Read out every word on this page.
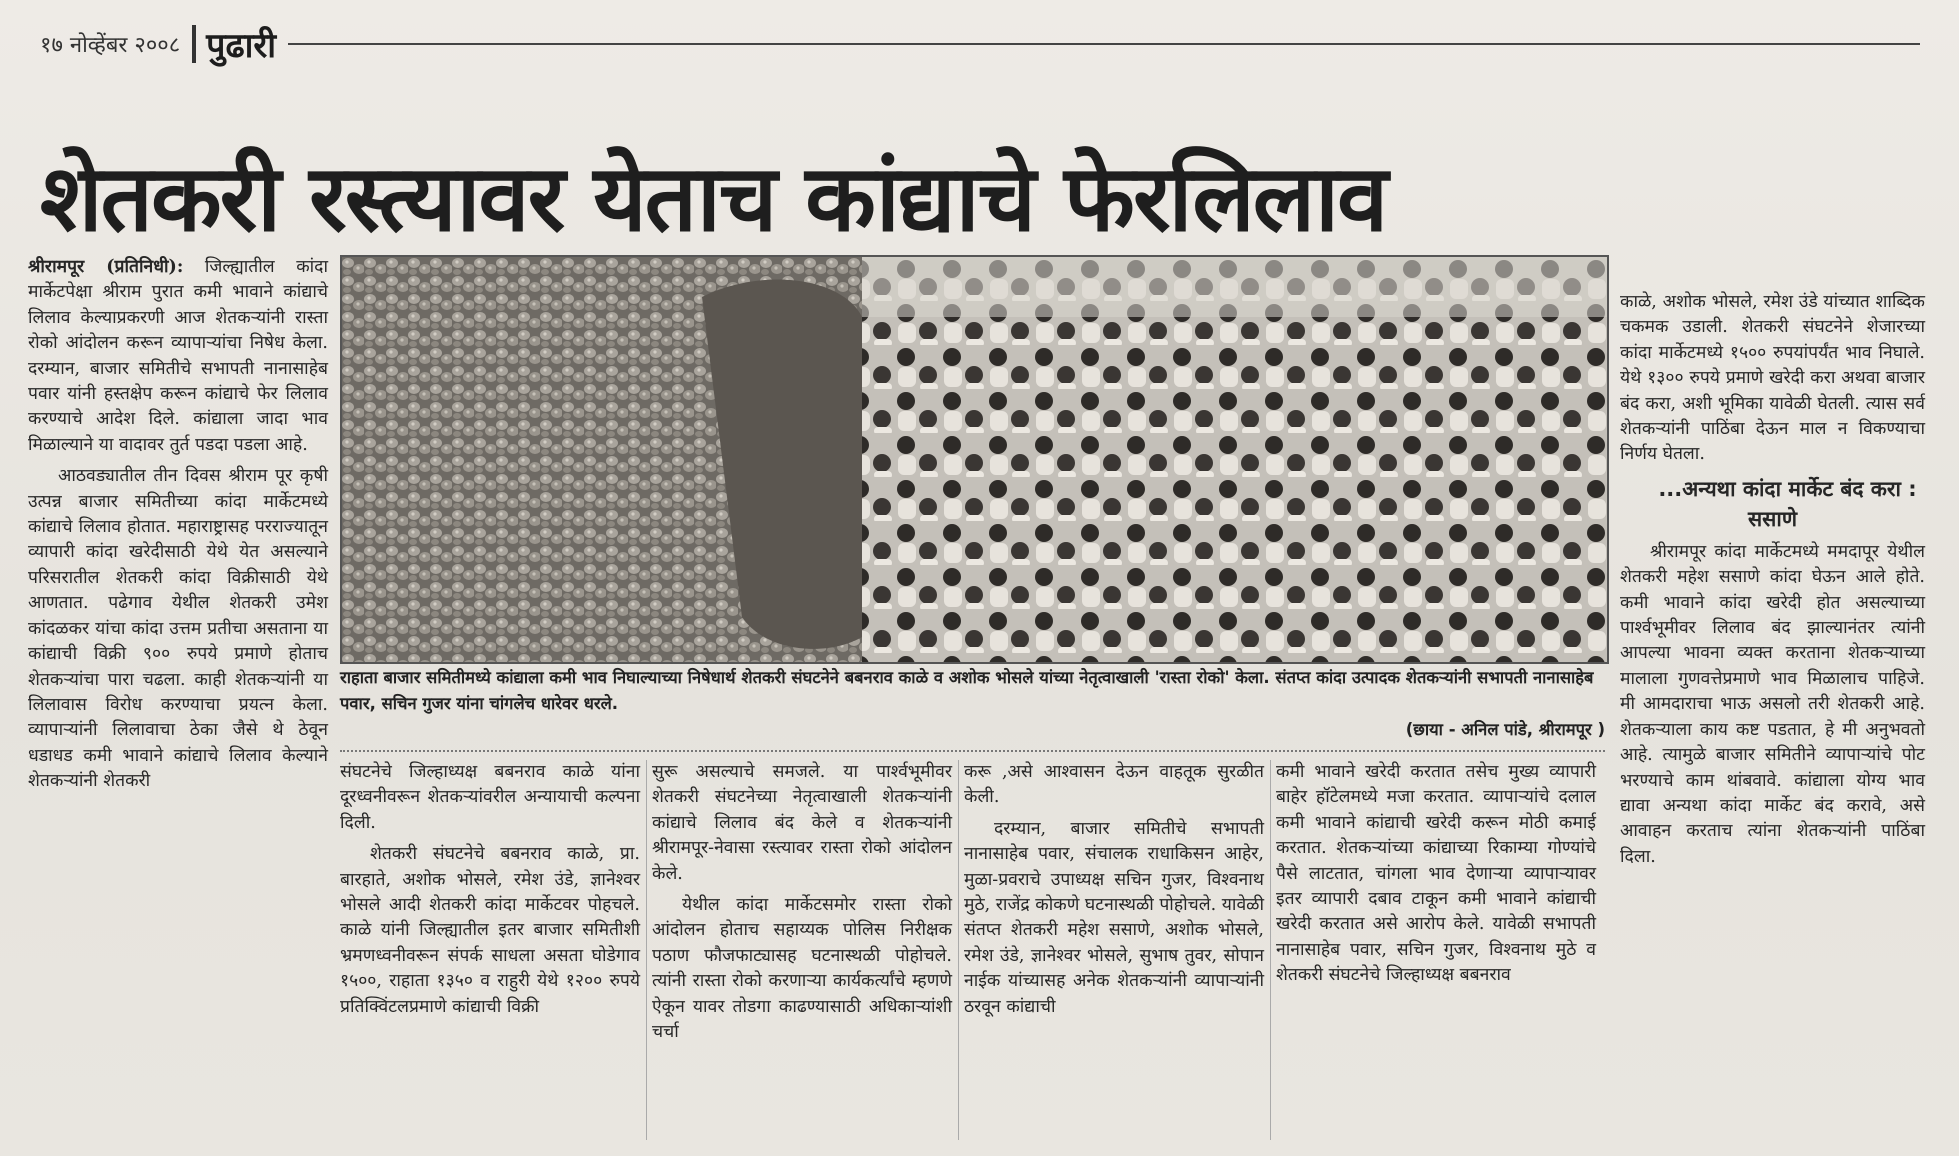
१७ नोव्हेंबर २००८ पुढारी
शेतकरी रस्त्यावर येताच कांद्याचे फेरलिलाव

श्रीरामपूर (प्रतिनिधी): जिल्ह्यातील कांदा मार्केटपेक्षा श्रीराम पुरात कमी भावाने कांद्याचे लिलाव केल्याप्रकरणी आज शेतकऱ्यांनी रास्ता रोको आंदोलन करून व्यापाऱ्यांचा निषेध केला. दरम्यान, बाजार समितीचे सभापती नानासाहेब पवार यांनी हस्तक्षेप करून कांद्याचे फेर लिलाव करण्याचे आदेश दिले. कांद्याला जादा भाव मिळाल्याने या वादावर तुर्त पडदा पडला आहे.

आठवड्यातील तीन दिवस श्रीराम पूर कृषी उत्पन्न बाजार समितीच्या कांदा मार्केटमध्ये कांद्याचे लिलाव होतात. महाराष्ट्रासह परराज्यातून व्यापारी कांदा खरेदीसाठी येथे येत असल्याने परिसरातील शेतकरी कांदा विक्रीसाठी येथे आणतात. पढेगाव येथील शेतकरी उमेश कांदळकर यांचा कांदा उत्तम प्रतीचा असताना या कांद्याची विक्री ९०० रुपये प्रमाणे होताच शेतकऱ्यांचा पारा चढला. काही शेतकऱ्यांनी या लिलावास विरोध करण्याचा प्रयत्न केला. व्यापाऱ्यांनी लिलावाचा ठेका जैसे थे ठेवून धडाधड कमी भावाने कांद्याचे लिलाव केल्याने शेतकऱ्यांनी शेतकरी

राहाता बाजार समितीमध्ये कांद्याला कमी भाव निघाल्याच्या निषेधार्थ शेतकरी संघटनेने बबनराव काळे व अशोक भोसले यांच्या नेतृत्वाखाली 'रास्ता रोको' केला. संतप्त कांदा उत्पादक शेतकऱ्यांनी सभापती नानासाहेब पवार, सचिन गुजर यांना चांगलेच धारेवर धरले.
(छाया - अनिल पांडे, श्रीरामपूर )

संघटनेचे जिल्हाध्यक्ष बबनराव काळे यांना दूरध्वनीवरून शेतकऱ्यांवरील अन्यायाची कल्पना दिली.

शेतकरी संघटनेचे बबनराव काळे, प्रा. बारहाते, अशोक भोसले, रमेश उंडे, ज्ञानेश्वर भोसले आदी शेतकरी कांदा मार्केटवर पोहचले. काळे यांनी जिल्ह्यातील इतर बाजार समितीशी भ्रमणध्वनीवरून संपर्क साधला असता घोडेगाव १५००, राहाता १३५० व राहुरी येथे १२०० रुपये प्रतिक्विंटलप्रमाणे कांद्याची विक्री

सुरू असल्याचे समजले. या पार्श्वभूमीवर शेतकरी संघटनेच्या नेतृत्वाखाली शेतकऱ्यांनी कांद्याचे लिलाव बंद केले व शेतकऱ्यांनी श्रीरामपूर-नेवासा रस्त्यावर रास्ता रोको आंदोलन केले.

येथील कांदा मार्केटसमोर रास्ता रोको आंदोलन होताच सहाय्यक पोलिस निरीक्षक पठाण फौजफाट्यासह घटनास्थळी पोहोचले. त्यांनी रास्ता रोको करणाऱ्या कार्यकर्त्यांचे म्हणणे ऐकून यावर तोडगा काढण्यासाठी अधिकाऱ्यांशी चर्चा

करू ,असे आश्वासन देऊन वाहतूक सुरळीत केली.

दरम्यान, बाजार समितीचे सभापती नानासाहेब पवार, संचालक राधाकिसन आहेर, मुळा-प्रवराचे उपाध्यक्ष सचिन गुजर, विश्वनाथ मुठे, राजेंद्र कोकणे घटनास्थळी पोहोचले. यावेळी संतप्त शेतकरी महेश ससाणे, अशोक भोसले, रमेश उंडे, ज्ञानेश्वर भोसले, सुभाष तुवर, सोपान नाईक यांच्यासह अनेक शेतकऱ्यांनी व्यापाऱ्यांनी ठरवून कांद्याची

कमी भावाने खरेदी करतात तसेच मुख्य व्यापारी बाहेर हॉटेलमध्ये मजा करतात. व्यापाऱ्यांचे दलाल कमी भावाने कांद्याची खरेदी करून मोठी कमाई करतात. शेतकऱ्यांच्या कांद्याच्या रिकाम्या गोण्यांचे पैसे लाटतात, चांगला भाव देणाऱ्या व्यापाऱ्यावर इतर व्यापारी दबाव टाकून कमी भावाने कांद्याची खरेदी करतात असे आरोप केले. यावेळी सभापती नानासाहेब पवार, सचिन गुजर, विश्वनाथ मुठे व शेतकरी संघटनेचे जिल्हाध्यक्ष बबनराव

काळे, अशोक भोसले, रमेश उंडे यांच्यात शाब्दिक चकमक उडाली. शेतकरी संघटनेने शेजारच्या कांदा मार्केटमध्ये १५०० रुपयांपर्यंत भाव निघाले. येथे १३०० रुपये प्रमाणे खरेदी करा अथवा बाजार बंद करा, अशी भूमिका यावेळी घेतली. त्यास सर्व शेतकऱ्यांनी पाठिंबा देऊन माल न विकण्याचा निर्णय घेतला.

...अन्यथा कांदा मार्केट बंद करा : ससाणे

श्रीरामपूर कांदा मार्केटमध्ये ममदापूर येथील शेतकरी महेश ससाणे कांदा घेऊन आले होते. कमी भावाने कांदा खरेदी होत असल्याच्या पार्श्वभूमीवर लिलाव बंद झाल्यानंतर त्यांनी आपल्या भावना व्यक्त करताना शेतकऱ्याच्या मालाला गुणवत्तेप्रमाणे भाव मिळालाच पाहिजे. मी आमदाराचा भाऊ असलो तरी शेतकरी आहे. शेतकऱ्याला काय कष्ट पडतात, हे मी अनुभवतो आहे. त्यामुळे बाजार समितीने व्यापाऱ्यांचे पोट भरण्याचे काम थांबवावे. कांद्याला योग्य भाव द्यावा अन्यथा कांदा मार्केट बंद करावे, असे आवाहन करताच त्यांना शेतकऱ्यांनी पाठिंबा दिला.
